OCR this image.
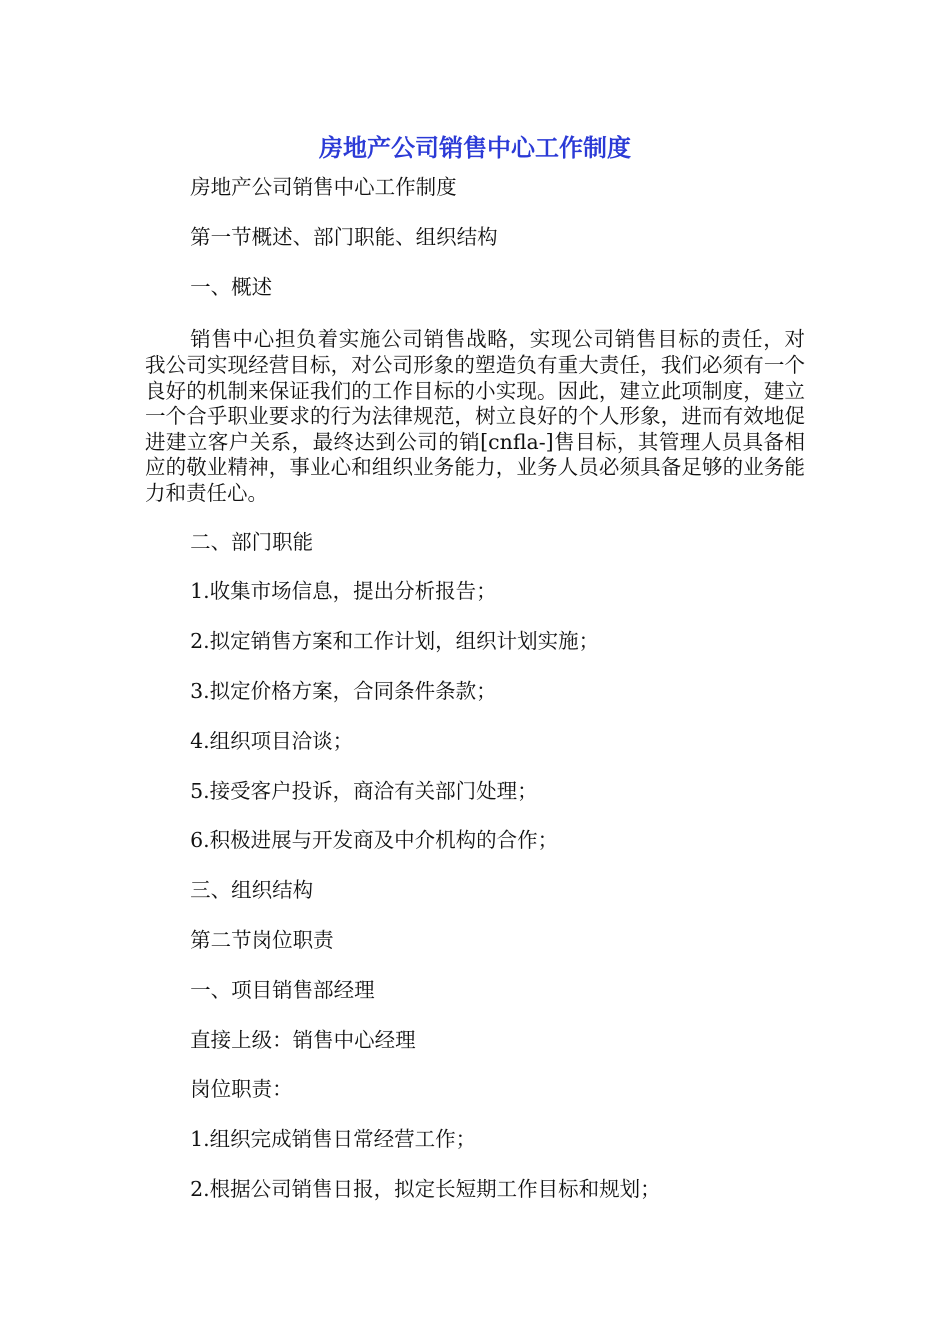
房地产公司销售中心工作制度

房地产公司销售中心工作制度

第一节概述、部门职能、组织结构

一、概述

销售中心担负着实施公司销售战略，实现公司销售目标的责任，对我公司实现经营目标，对公司形象的塑造负有重大责任，我们必须有一个良好的机制来保证我们的工作目标的小实现。因此，建立此项制度，建立一个合乎职业要求的行为法律规范，树立良好的个人形象，进而有效地促进建立客户关系，最终达到公司的销[cnfla-]售目标，其管理人员具备相应的敬业精神，事业心和组织业务能力，业务人员必须具备足够的业务能力和责任心。

二、部门职能

1.收集市场信息，提出分析报告；

2.拟定销售方案和工作计划，组织计划实施；

3.拟定价格方案，合同条件条款；

4.组织项目洽谈；

5.接受客户投诉，商洽有关部门处理；

6.积极进展与开发商及中介机构的合作；

三、组织结构

第二节岗位职责

一、项目销售部经理

直接上级：销售中心经理

岗位职责：

1.组织完成销售日常经营工作；

2.根据公司销售日报，拟定长短期工作目标和规划；
